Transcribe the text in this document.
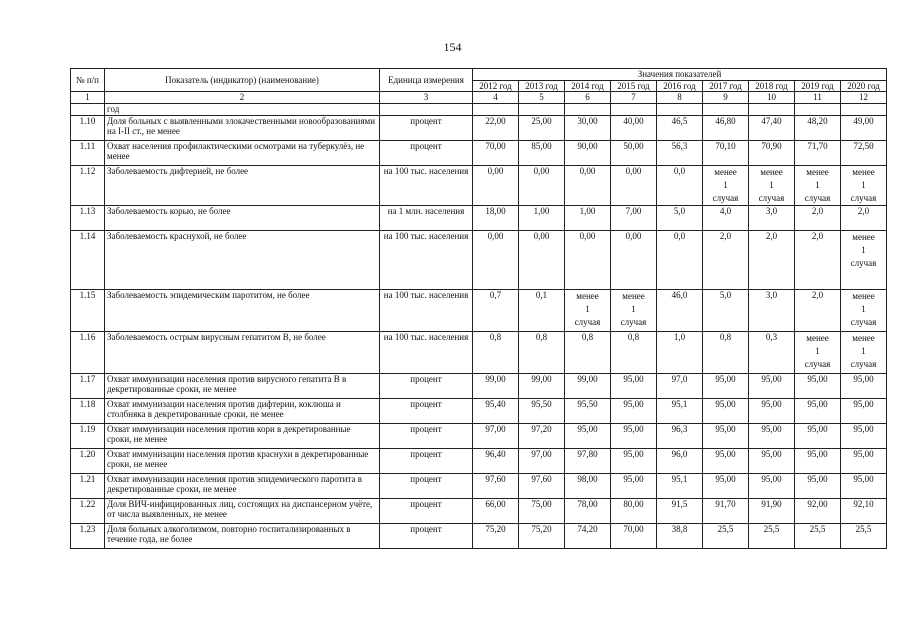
154
№ п/п	Показатель (индикатор) (наименование)	Единица измерения	Значения показателей								
			2012 год	2013 год	2014 год	2015 год	2016 год	2017 год	2018 год	2019 год	2020 год
1	2	3	4	5	6	7	8	9	10	11	12
	год										
1.10	Доля больных с выявленными злокачественными новообразованиями на I-II ст., не менее	процент	22,00	25,00	30,00	40,00	46,5	46,80	47,40	48,20	49,00
1.11	Охват населения профилактическими осмотрами на туберкулёз, не менее	процент	70,00	85,00	90,00	50,00	56,3	70,10	70,90	71,70	72,50
1.12	Заболеваемость дифтерией, не более	на 100 тыс. населения	0,00	0,00	0,00	0,00	0,0	менее 1 случая	менее 1 случая	менее 1 случая	менее 1 случая

1.13	Заболеваемость корью, не более	на 1 млн. населения	18,00	1,00	1,00	7,00	5,0	4,0	3,0	2,0	2,0
1.14	Заболеваемость краснухой, не более	на 100 тыс. населения	0,00	0,00	0,00	0,00	0,0	2,0	2,0	2,0	менее 1 случая

1.15	Заболеваемость эпидемическим паротитом, не более	на 100 тыс. населения	0,7	0,1	менее 1 случая	менее 1 случая	46,0	5,0	3,0	2,0	менее 1 случая

1.16	Заболеваемость острым вирусным гепатитом В, не более	на 100 тыс. населения	0,8	0,8	0,8	0,8	1,0	0,8	0,3	менее 1 случая	менее 1 случая

1.17	Охват иммунизации населения против вирусного гепатита В в декретированные сроки, не менее	процент	99,00	99,00	99,00	95,00	97,0	95,00	95,00	95,00	95,00
1.18	Охват иммунизации населения против дифтерии, коклюша и столбняка в декретированные сроки, не менее	процент	95,40	95,50	95,50	95,00	95,1	95,00	95,00	95,00	95,00
1.19	Охват иммунизации населения против кори в декретированные сроки, не менее	процент	97,00	97,20	95,00	95,00	96,3	95,00	95,00	95,00	95,00
1.20	Охват иммунизации населения против краснухи в декретированные сроки, не менее	процент	96,40	97,00	97,80	95,00	96,0	95,00	95,00	95,00	95,00
1.21	Охват иммунизации населения против эпидемического паротита в декретированные сроки, не менее	процент	97,60	97,60	98,00	95,00	95,1	95,00	95,00	95,00	95,00
1.22	Доля ВИЧ-инфицированных лиц, состоящих на диспансерном учёте, от числа выявленных, не менее	процент	66,00	75,00	78,00	80,00	91,5	91,70	91,90	92,00	92,10
1.23	Доля больных алкоголизмом, повторно госпитализированных в течение года, не более	процент	75,20	75,20	74,20	70,00	38,8	25,5	25,5	25,5	25,5
